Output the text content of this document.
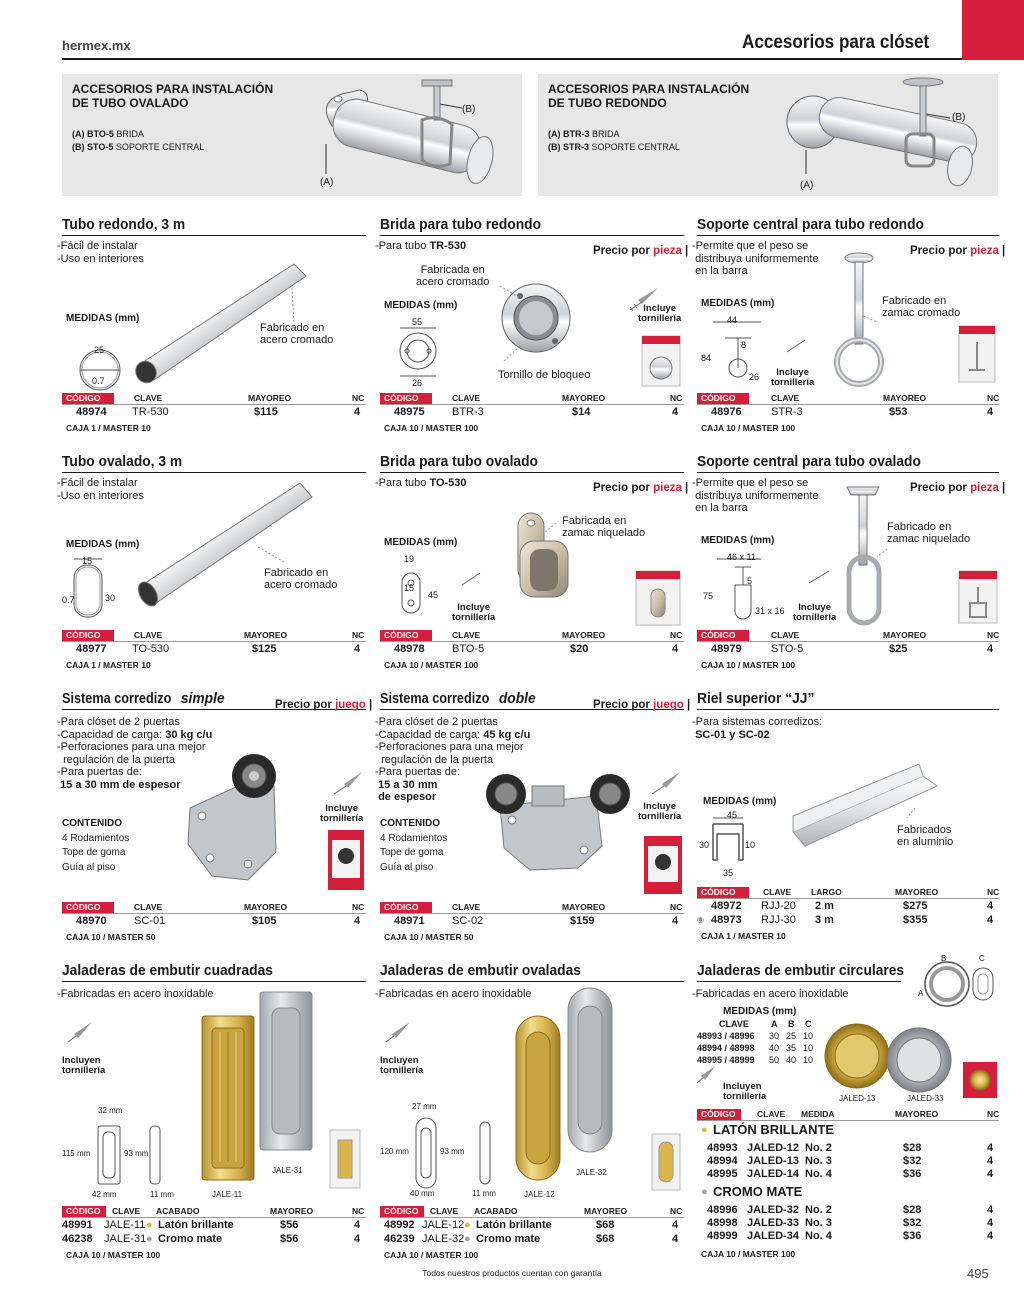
hermex.mx	Accesorios para clóset
ACCESORIOS PARA INSTALACIÓN
DE TUBO OVALADO
(A) BTO-5 BRIDA
(B) STO-5 SOPORTE CENTRAL
(B)
(A)
ACCESORIOS PARA INSTALACIÓN
DE TUBO REDONDO
(A) BTR-3 BRIDA
(B) STR-3 SOPORTE CENTRAL
(B)
(A)
Tubo redondo, 3 m
-Fácil de instalar
-Uso en interiores
Fabricado en
acero cromado
MEDIDAS (mm)
25
0.7
CÓDIGO	CLAVE	MAYOREO	NC
48974 TR-530	$115	4
CAJA 1 / MASTER 10
Brida para tubo redondo
-Para tubo TR-530	Precio por pieza |
Fabricada en
acero cromado
MEDIDAS (mm)
55
26
Incluye
tornillería
Tornillo de bloqueo
CÓDIGO	CLAVE	MAYOREO	NC
48975 BTR-3	$14	4
CAJA 10 / MASTER 100
Soporte central para tubo redondo
-Permite que el peso se
distribuya uniformemente
en la barra
Precio por pieza |
Fabricado en
zamac cromado
MEDIDAS (mm)
44
84
8
26	Incluye
tornillería
CÓDIGO	CLAVE	MAYOREO	NC
48976	STR-3	$53	4
CAJA 10 / MASTER 100
Tubo ovalado, 3 m
-Fácil de instalar
-Uso en interiores
Fabricado en
acero cromado
MEDIDAS (mm)
15
30
0.7
CÓDIGO	CLAVE	MAYOREO	NC
48977 TO-530	$125	4
CAJA 1 / MASTER 10
Brida para tubo ovalado
-Para tubo TO-530	Precio por pieza |
Fabricada en
zamac niquelado
MEDIDAS (mm)
19
15
45
Incluye
tornillería
CÓDIGO	CLAVE	MAYOREO	NC
48978 BTO-5	$20	4
CAJA 10 / MASTER 100
Soporte central para tubo ovalado
-Permite que el peso se
distribuya uniformemente
en la barra
Precio por pieza |
Fabricado en
zamac niquelado
MEDIDAS (mm)
46 x 11
75
5
31 x 16	Incluye
tornillería
CÓDIGO	CLAVE	MAYOREO	NC
48979	STO-5	$25	4
CAJA 10 / MASTER 100
Sistema corredizosimple	Precio por juego |
-Para clóset de 2 puertas
-Capacidad de carga: 30 kg c/u
-Perforaciones para una mejor
regulación de la puerta
-Para puertas de:
15 a 30 mm de espesor
CONTENIDO
4 Rodamientos
Tope de goma
Guía al piso
Incluye
tornillería
CÓDIGO	CLAVE	MAYOREO	NC
48970 SC-01	$105	4
CAJA 10 / MASTER 50
Sistema corredizodoble	Precio por juego |
-Para clóset de 2 puertas
-Capacidad de carga: 45 kg c/u
-Perforaciones para una mejor
regulación de la puerta
-Para puertas de:
15 a 30 mm
de espesor
CONTENIDO
4 Rodamientos
Tope de goma
Guía al piso
Incluye
tornillería
CÓDIGO	CLAVE	MAYOREO	NC
48971 SC-02	$159	4
CAJA 10 / MASTER 50
Riel superior “JJ”
-Para sistemas corredizos:
SC-01 y SC-02
MEDIDAS (mm)
Fabricados
en aluminio
45
30	10
35
CÓDIGO	CLAVE LARGO	MAYOREO	NC
48972 RJJ-20 2 m	$275	4
◉ 48973 RJJ-30 3 m	$355	4
CAJA 1 / MASTER 10
Jaladeras de embutir cuadradas
-Fabricadas en acero inoxidable
Incluyen
tornillería
32 mm
115 mm	93 mm
42 mm	11 mm	JALE-11
JALE-31
CÓDIGO	CLAVE ACABADO	MAYOREO	NC
48991 JALE-11 ● Latón brillante	$56	4
46238 JALE-31 ● Cromo mate	$56	4
CAJA 10 / MASTER 100
Jaladeras de embutir ovaladas
-Fabricadas en acero inoxidable
Incluyen
tornillería
27 mm
120 mm	93 mm
40 mm	11 mm	JALE-12
JALE-32
CÓDIGO	CLAVE ACABADO	MAYOREO	NC
48992 JALE-12 ● Latón brillante	$68	4
46239 JALE-32 ● Cromo mate	$68	4
CAJA 10 / MASTER 100
Jaladeras de embutir circulares
-Fabricadas en acero inoxidable
MEDIDAS (mm)
CLAVE A B C
48993 / 48996 30 25 10
48994 / 48998 40 35 10
48995 / 48999 50 40 10
B	C
A
JALED-13	JALED-33
Incluyen
tornillería
CÓDIGO	CLAVE MEDIDA	MAYOREO	NC
● LATÓN BRILLANTE
48993 JALED-12 No. 2	$28	4
48994 JALED-13 No. 3	$32	4
48995 JALED-14 No. 4	$36	4
● CROMO MATE
48996 JALED-32 No. 2	$28	4
48998 JALED-33 No. 3	$32	4
48999 JALED-34 No. 4	$36	4
CAJA 10 / MASTER 100
Todos nuestros productos cuentan con garantía	495
